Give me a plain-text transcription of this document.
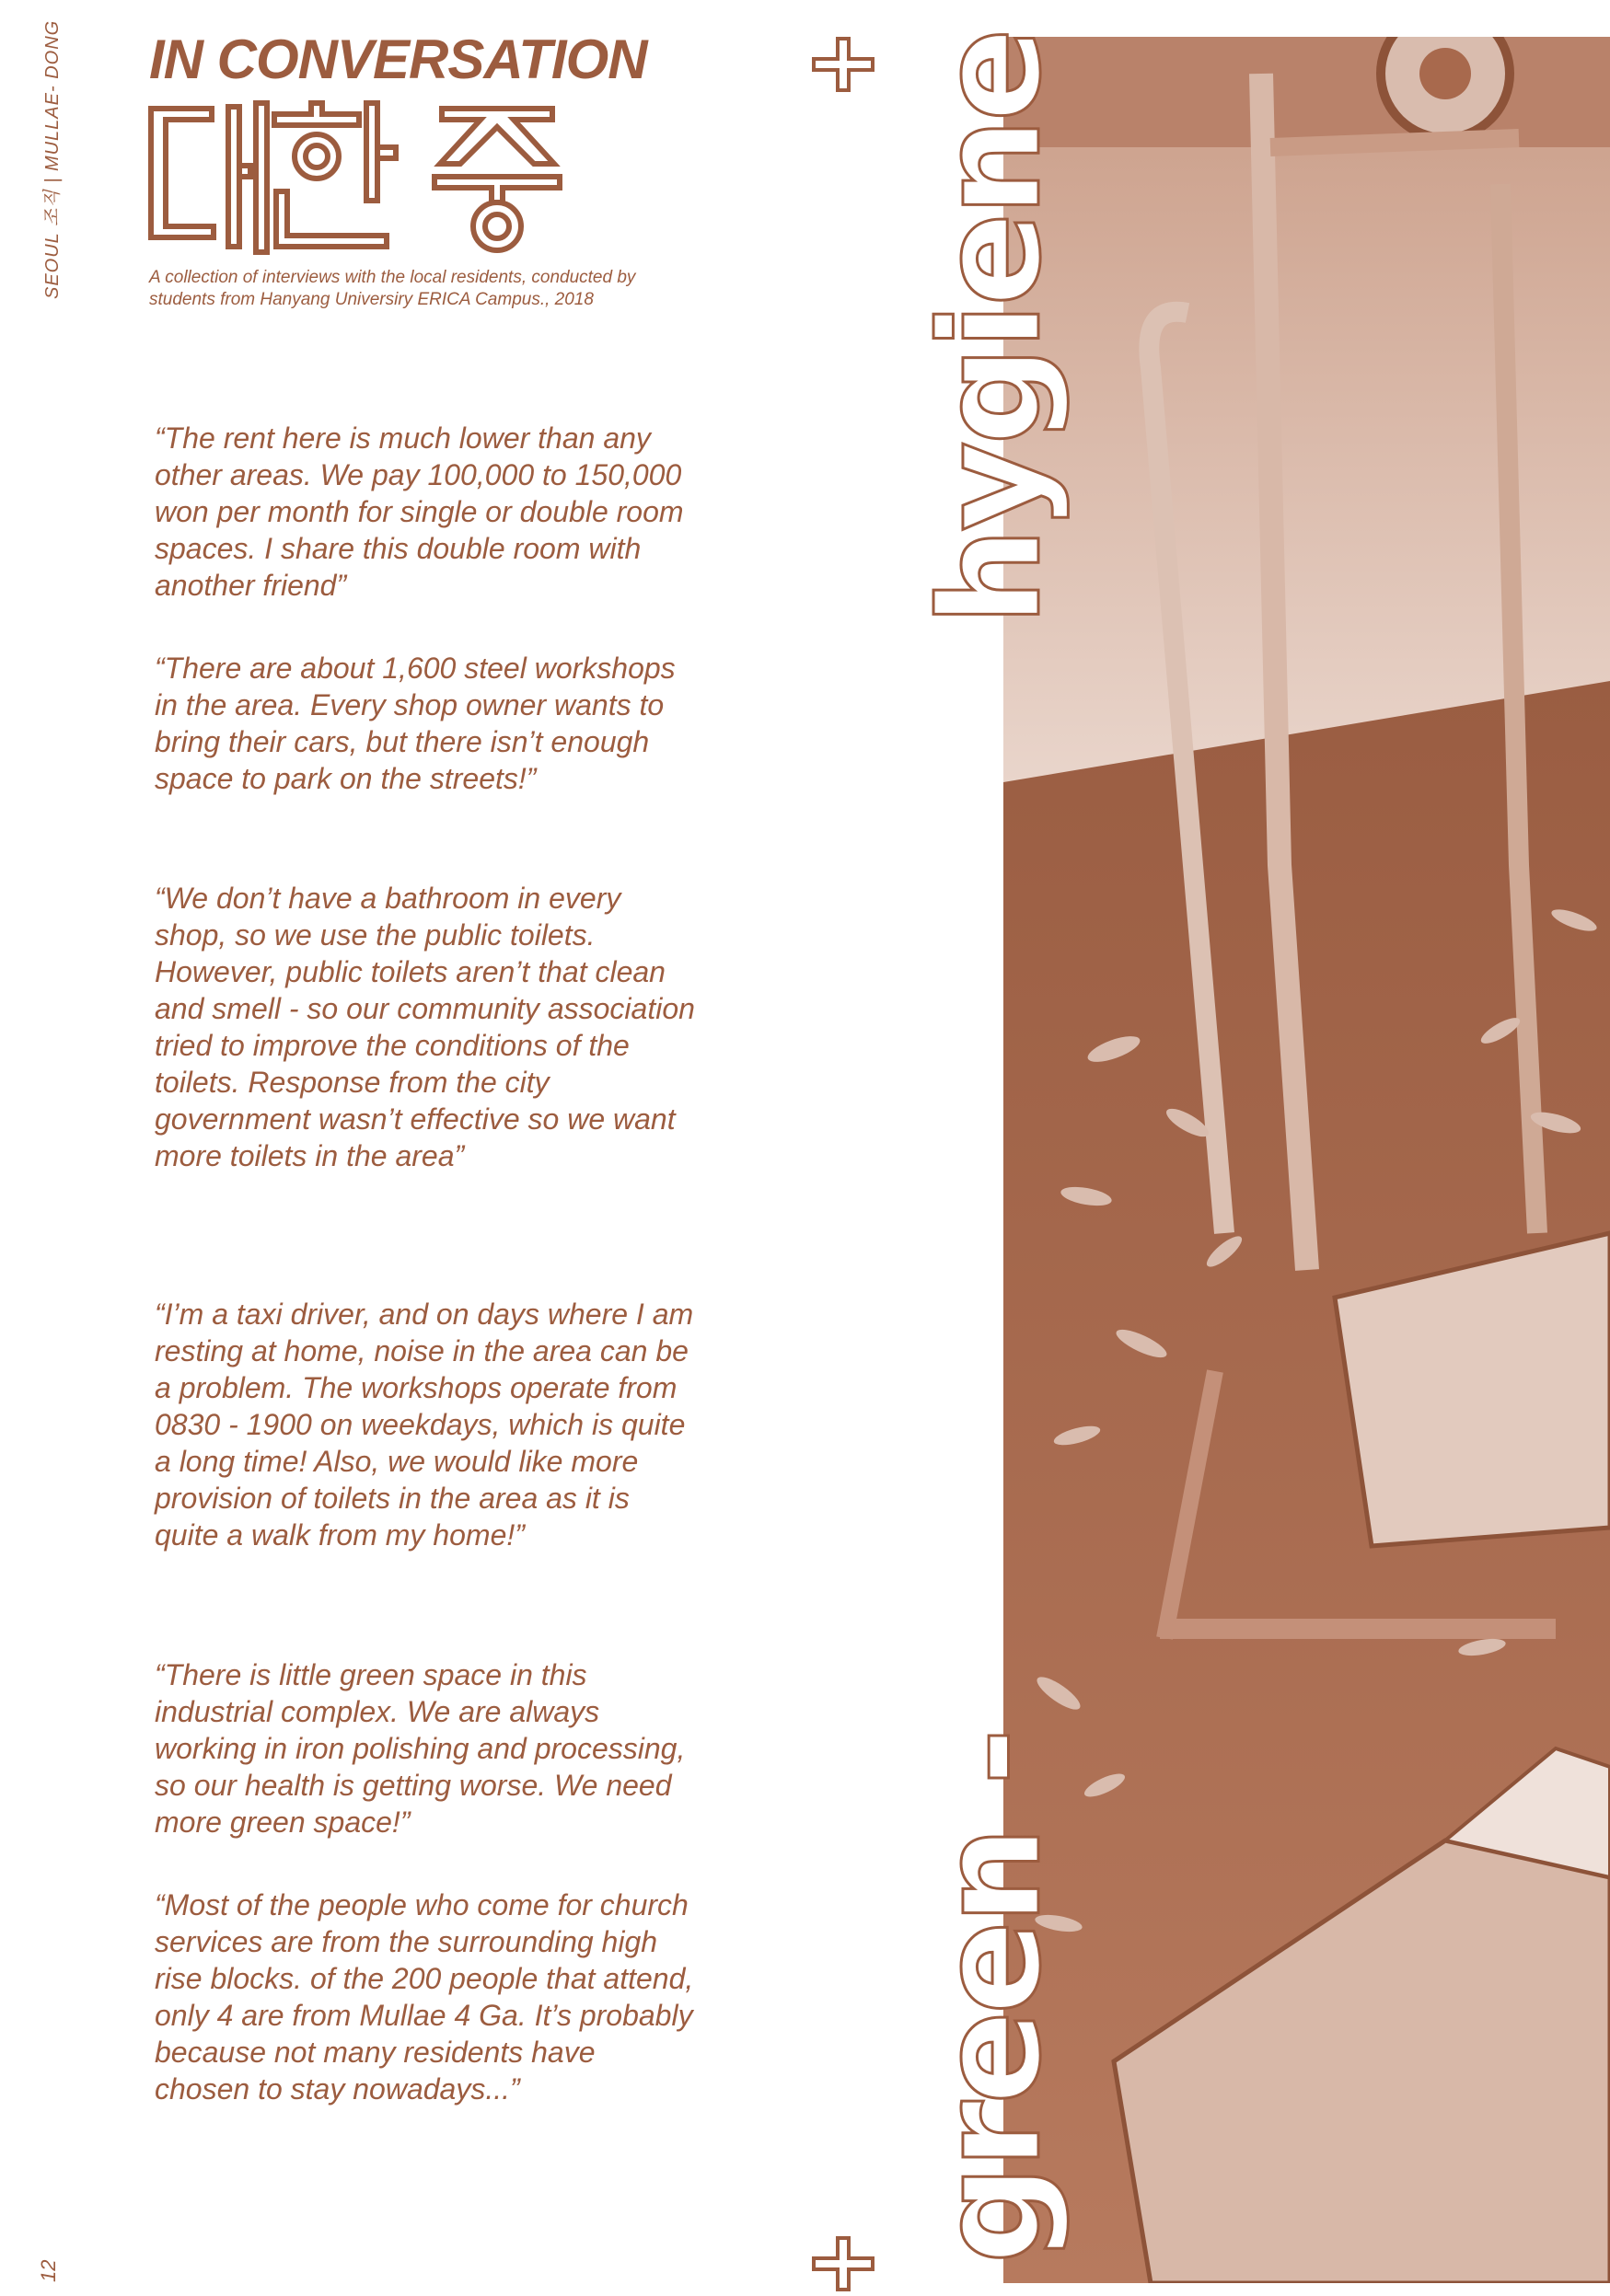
SEOUL 조직 | MULLAE- DONG
12
IN CONVERSATION
A collection of interviews with the local residents, conducted by students from Hanyang Universiry ERICA Campus., 2018
“The rent here is much lower than any other areas. We pay 100,000 to 150,000 won per month for single or double room spaces. I share this double room with another friend”
“There are about 1,600 steel workshops in the area. Every shop owner wants to bring their cars, but there isn’t enough space to park on the streets!”
“We don’t have a bathroom in every shop, so we use the public toilets. However, public toilets aren’t that clean and smell - so our community association tried to improve the conditions of the toilets. Response from the city government wasn’t effective so we want more toilets in the area”
“I’m a taxi driver, and on days where I am resting at home, noise in the area can be a problem. The workshops operate from 0830 - 1900 on weekdays, which is quite a long time! Also, we would like more provision of toilets in the area as it is quite a walk from my home!”
“There is little green space in this industrial complex. We are always working in iron polishing and processing, so our health is getting worse. We need more green space!”
“Most of the people who come for church services are from the surrounding high rise blocks. of the 200 people that attend, only 4 are from Mullae 4 Ga. It’s probably because not many residents have chosen to stay nowadays...”
hygiene
green -
